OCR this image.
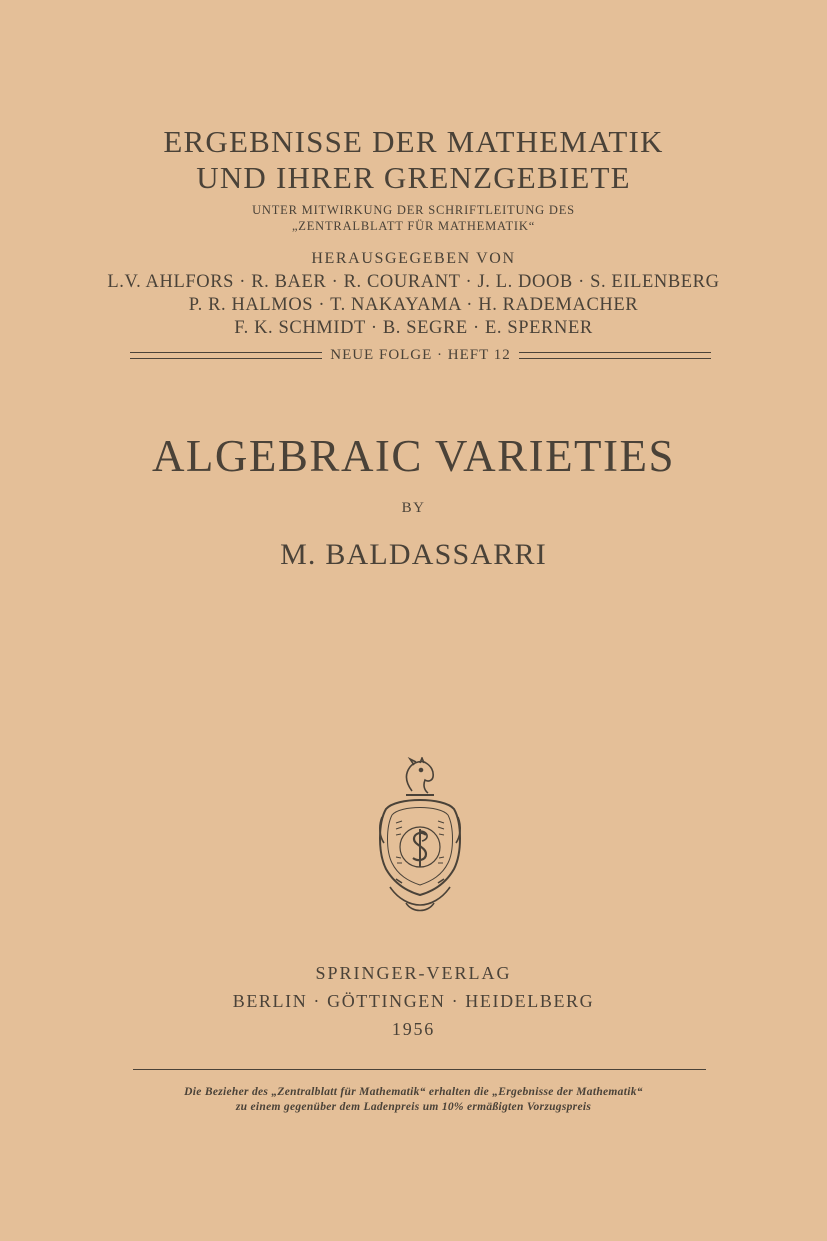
ERGEBNISSE DER MATHEMATIK
UND IHRER GRENZGEBIETE
UNTER MITWIRKUNG DER SCHRIFTLEITUNG DES
„ZENTRALBLATT FÜR MATHEMATIK“
HERAUSGEGEBEN VON
L.V. AHLFORS · R. BAER · R. COURANT · J. L. DOOB · S. EILENBERG
P. R. HALMOS · T. NAKAYAMA · H. RADEMACHER
F. K. SCHMIDT · B. SEGRE · E. SPERNER
NEUE FOLGE · HEFT 12
ALGEBRAIC VARIETIES
BY
M. BALDASSARRI
SPRINGER-VERLAG
BERLIN · GÖTTINGEN · HEIDELBERG
1956
Die Bezieher des „Zentralblatt für Mathematik“ erhalten die „Ergebnisse der Mathematik“
zu einem gegenüber dem Ladenpreis um 10% ermäßigten Vorzugspreis
